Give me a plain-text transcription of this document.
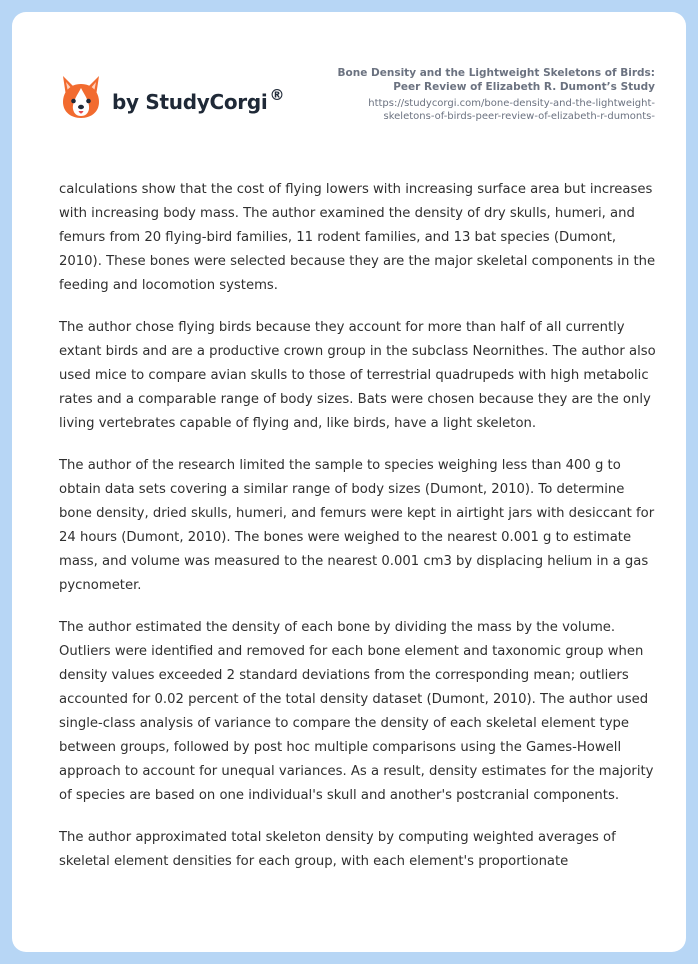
by StudyCorgi ®
Bone Density and the Lightweight Skeletons of Birds:
Peer Review of Elizabeth R. Dumont’s Study
https://studycorgi.com/bone-density-and-the-lightweight-
skeletons-of-birds-peer-review-of-elizabeth-r-dumonts-

calculations show that the cost of flying lowers with increasing surface area but increases with increasing body mass. The author examined the density of dry skulls, humeri, and femurs from 20 flying-bird families, 11 rodent families, and 13 bat species (Dumont, 2010). These bones were selected because they are the major skeletal components in the feeding and locomotion systems.

The author chose flying birds because they account for more than half of all currently extant birds and are a productive crown group in the subclass Neornithes. The author also used mice to compare avian skulls to those of terrestrial quadrupeds with high metabolic rates and a comparable range of body sizes. Bats were chosen because they are the only living vertebrates capable of flying and, like birds, have a light skeleton.

The author of the research limited the sample to species weighing less than 400 g to obtain data sets covering a similar range of body sizes (Dumont, 2010). To determine bone density, dried skulls, humeri, and femurs were kept in airtight jars with desiccant for 24 hours (Dumont, 2010). The bones were weighed to the nearest 0.001 g to estimate mass, and volume was measured to the nearest 0.001 cm3 by displacing helium in a gas pycnometer.

The author estimated the density of each bone by dividing the mass by the volume. Outliers were identified and removed for each bone element and taxonomic group when density values exceeded 2 standard deviations from the corresponding mean; outliers accounted for 0.02 percent of the total density dataset (Dumont, 2010). The author used single-class analysis of variance to compare the density of each skeletal element type between groups, followed by post hoc multiple comparisons using the Games-Howell approach to account for unequal variances. As a result, density estimates for the majority of species are based on one individual's skull and another's postcranial components.

The author approximated total skeleton density by computing weighted averages of skeletal element densities for each group, with each element's proportionate
